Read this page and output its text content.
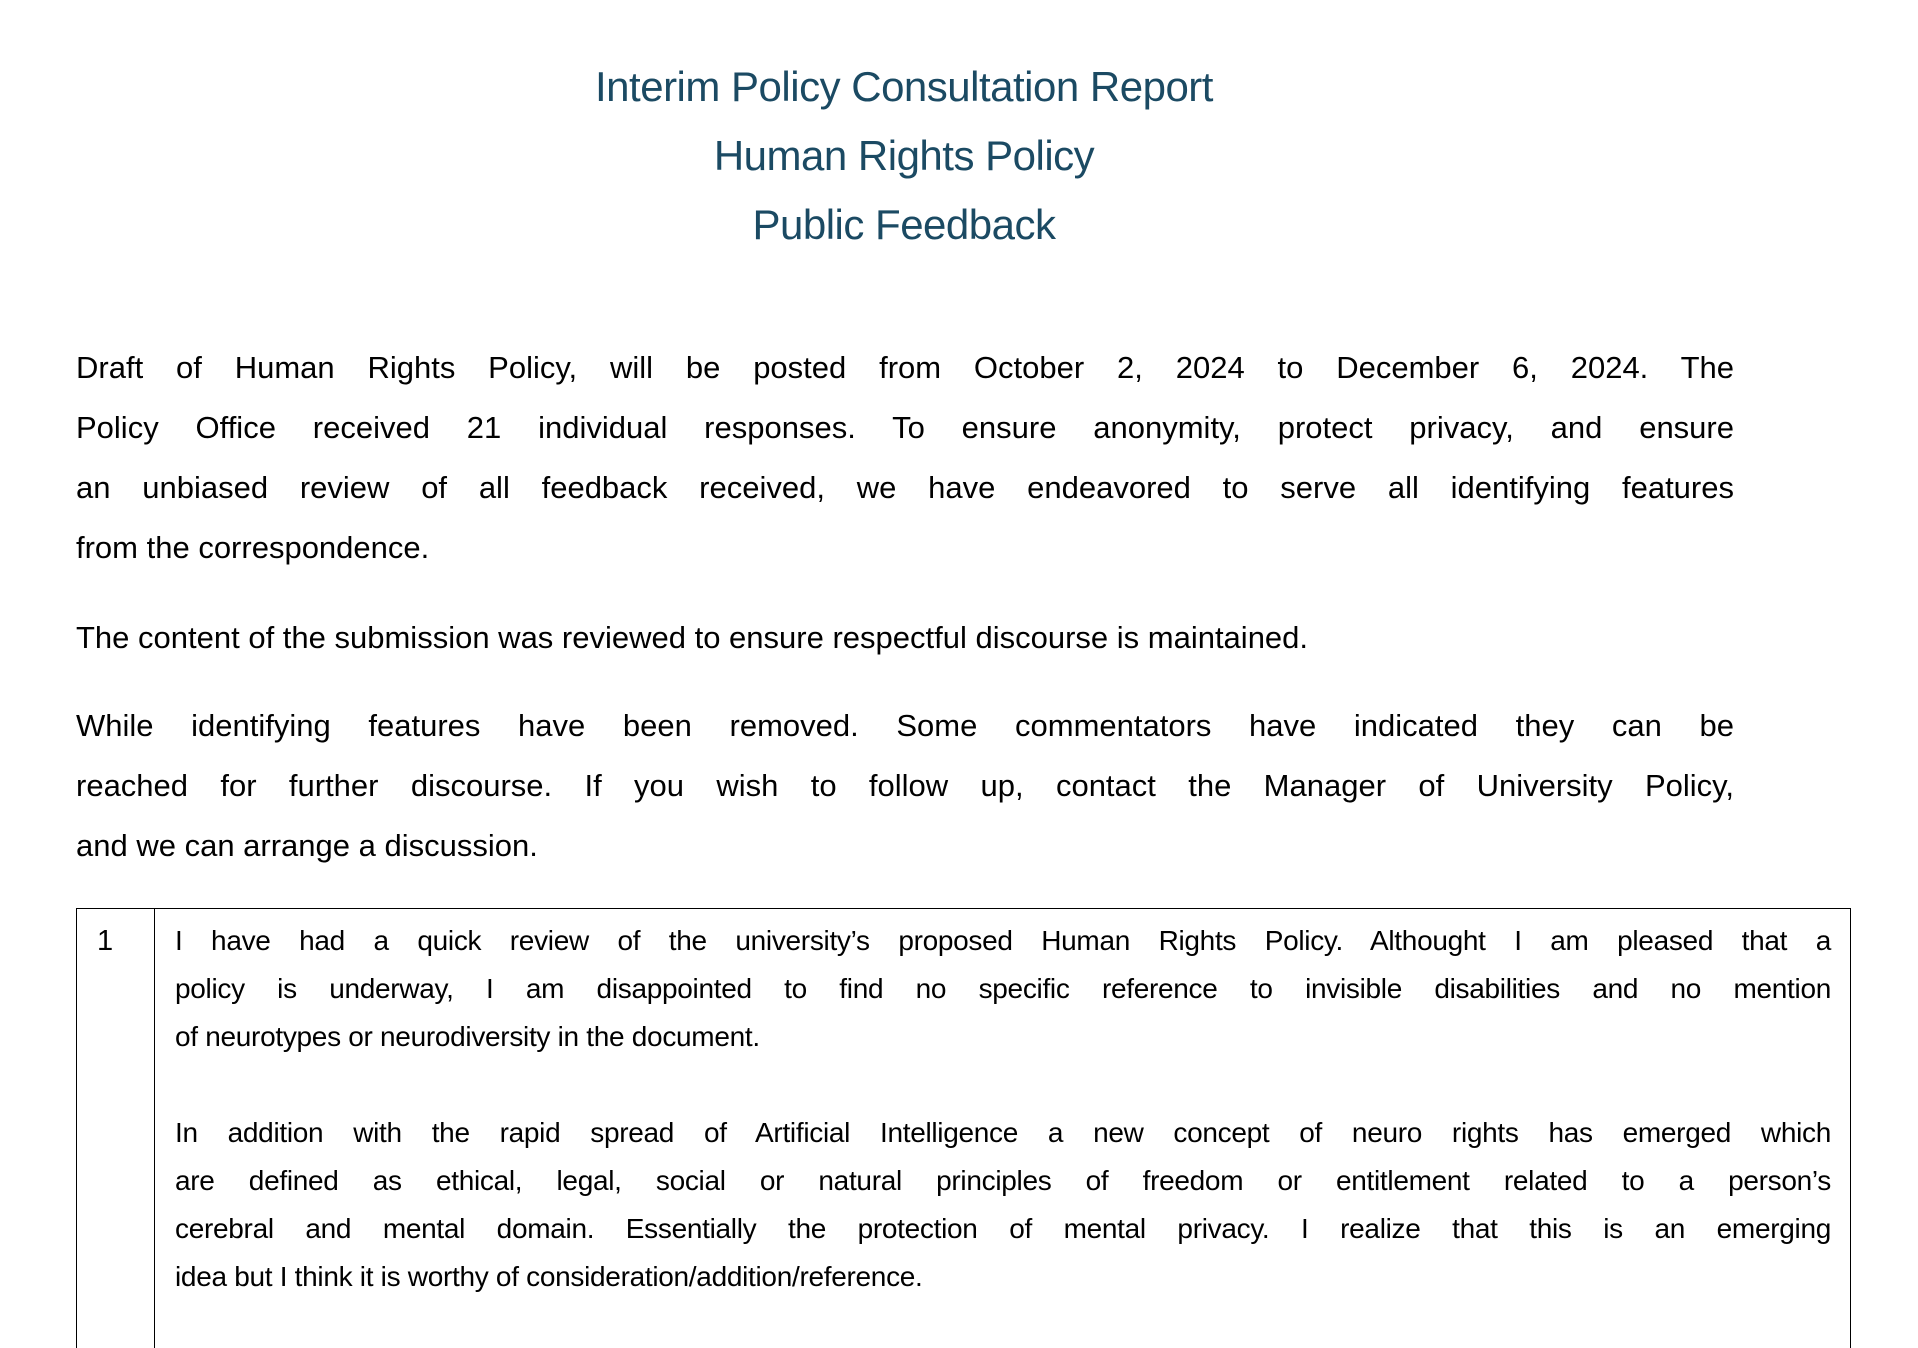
Interim Policy Consultation Report
Human Rights Policy
Public Feedback
Draft of Human Rights Policy, will be posted from October 2, 2024 to December 6, 2024. The
Policy Office received 21 individual responses. To ensure anonymity, protect privacy, and ensure
an unbiased review of all feedback received, we have endeavored to serve all identifying features
from the correspondence.
The content of the submission was reviewed to ensure respectful discourse is maintained.
While identifying features have been removed. Some commentators have indicated they can be
reached for further discourse. If you wish to follow up, contact the Manager of University Policy,
and we can arrange a discussion.
1 I have had a quick review of the university’s proposed Human Rights Policy. Althought I am pleased that a
policy is underway, I am disappointed to find no specific reference to invisible disabilities and no mention
of neurotypes or neurodiversity in the document.
In addition with the rapid spread of Artificial Intelligence a new concept of neuro rights has emerged which
are defined as ethical, legal, social or natural principles of freedom or entitlement related to a person’s
cerebral and mental domain. Essentially the protection of mental privacy. I realize that this is an emerging
idea but I think it is worthy of consideration/addition/reference.
